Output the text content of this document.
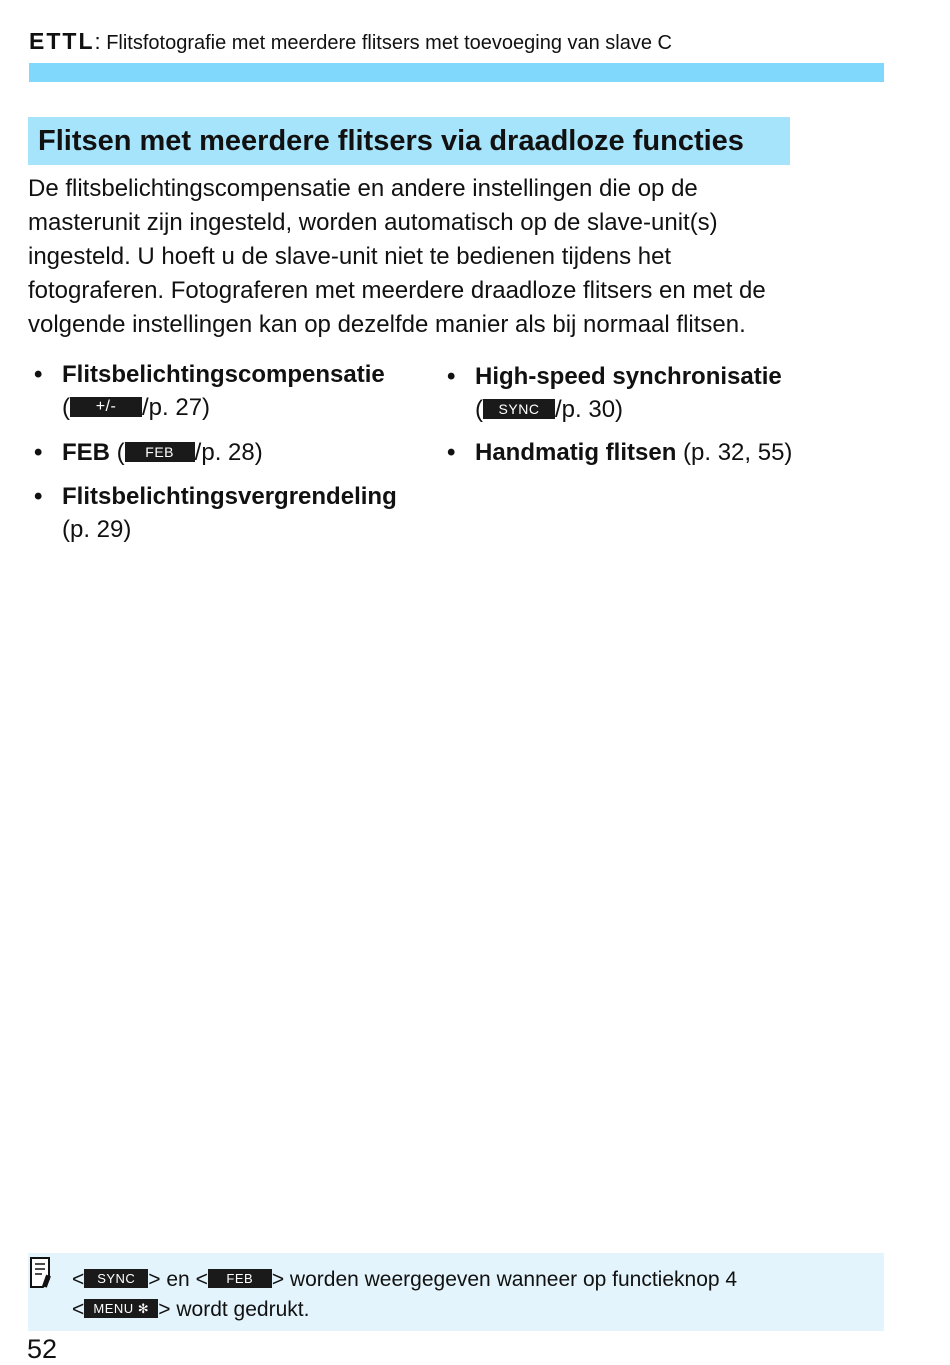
ETTL: Flitsfotografie met meerdere flitsers met toevoeging van slave C
Flitsen met meerdere flitsers via draadloze functies
De flitsbelichtingscompensatie en andere instellingen die op de
masterunit zijn ingesteld, worden automatisch op de slave-unit(s)
ingesteld. U hoeft u de slave-unit niet te bedienen tijdens het
fotograferen. Fotograferen met meerdere draadloze flitsers en met de
volgende instellingen kan op dezelfde manier als bij normaal flitsen.
• Flitsbelichtingscompensatie
( +/- /p. 27)
• FEB ( FEB /p. 28)
• Flitsbelichtingsvergrendeling
(p. 29)
• High-speed synchronisatie
( SYNC /p. 30)
• Handmatig flitsen (p. 32, 55)
< SYNC > en < FEB > worden weergegeven wanneer op functieknop 4
< MENU ✻ > wordt gedrukt.
52
